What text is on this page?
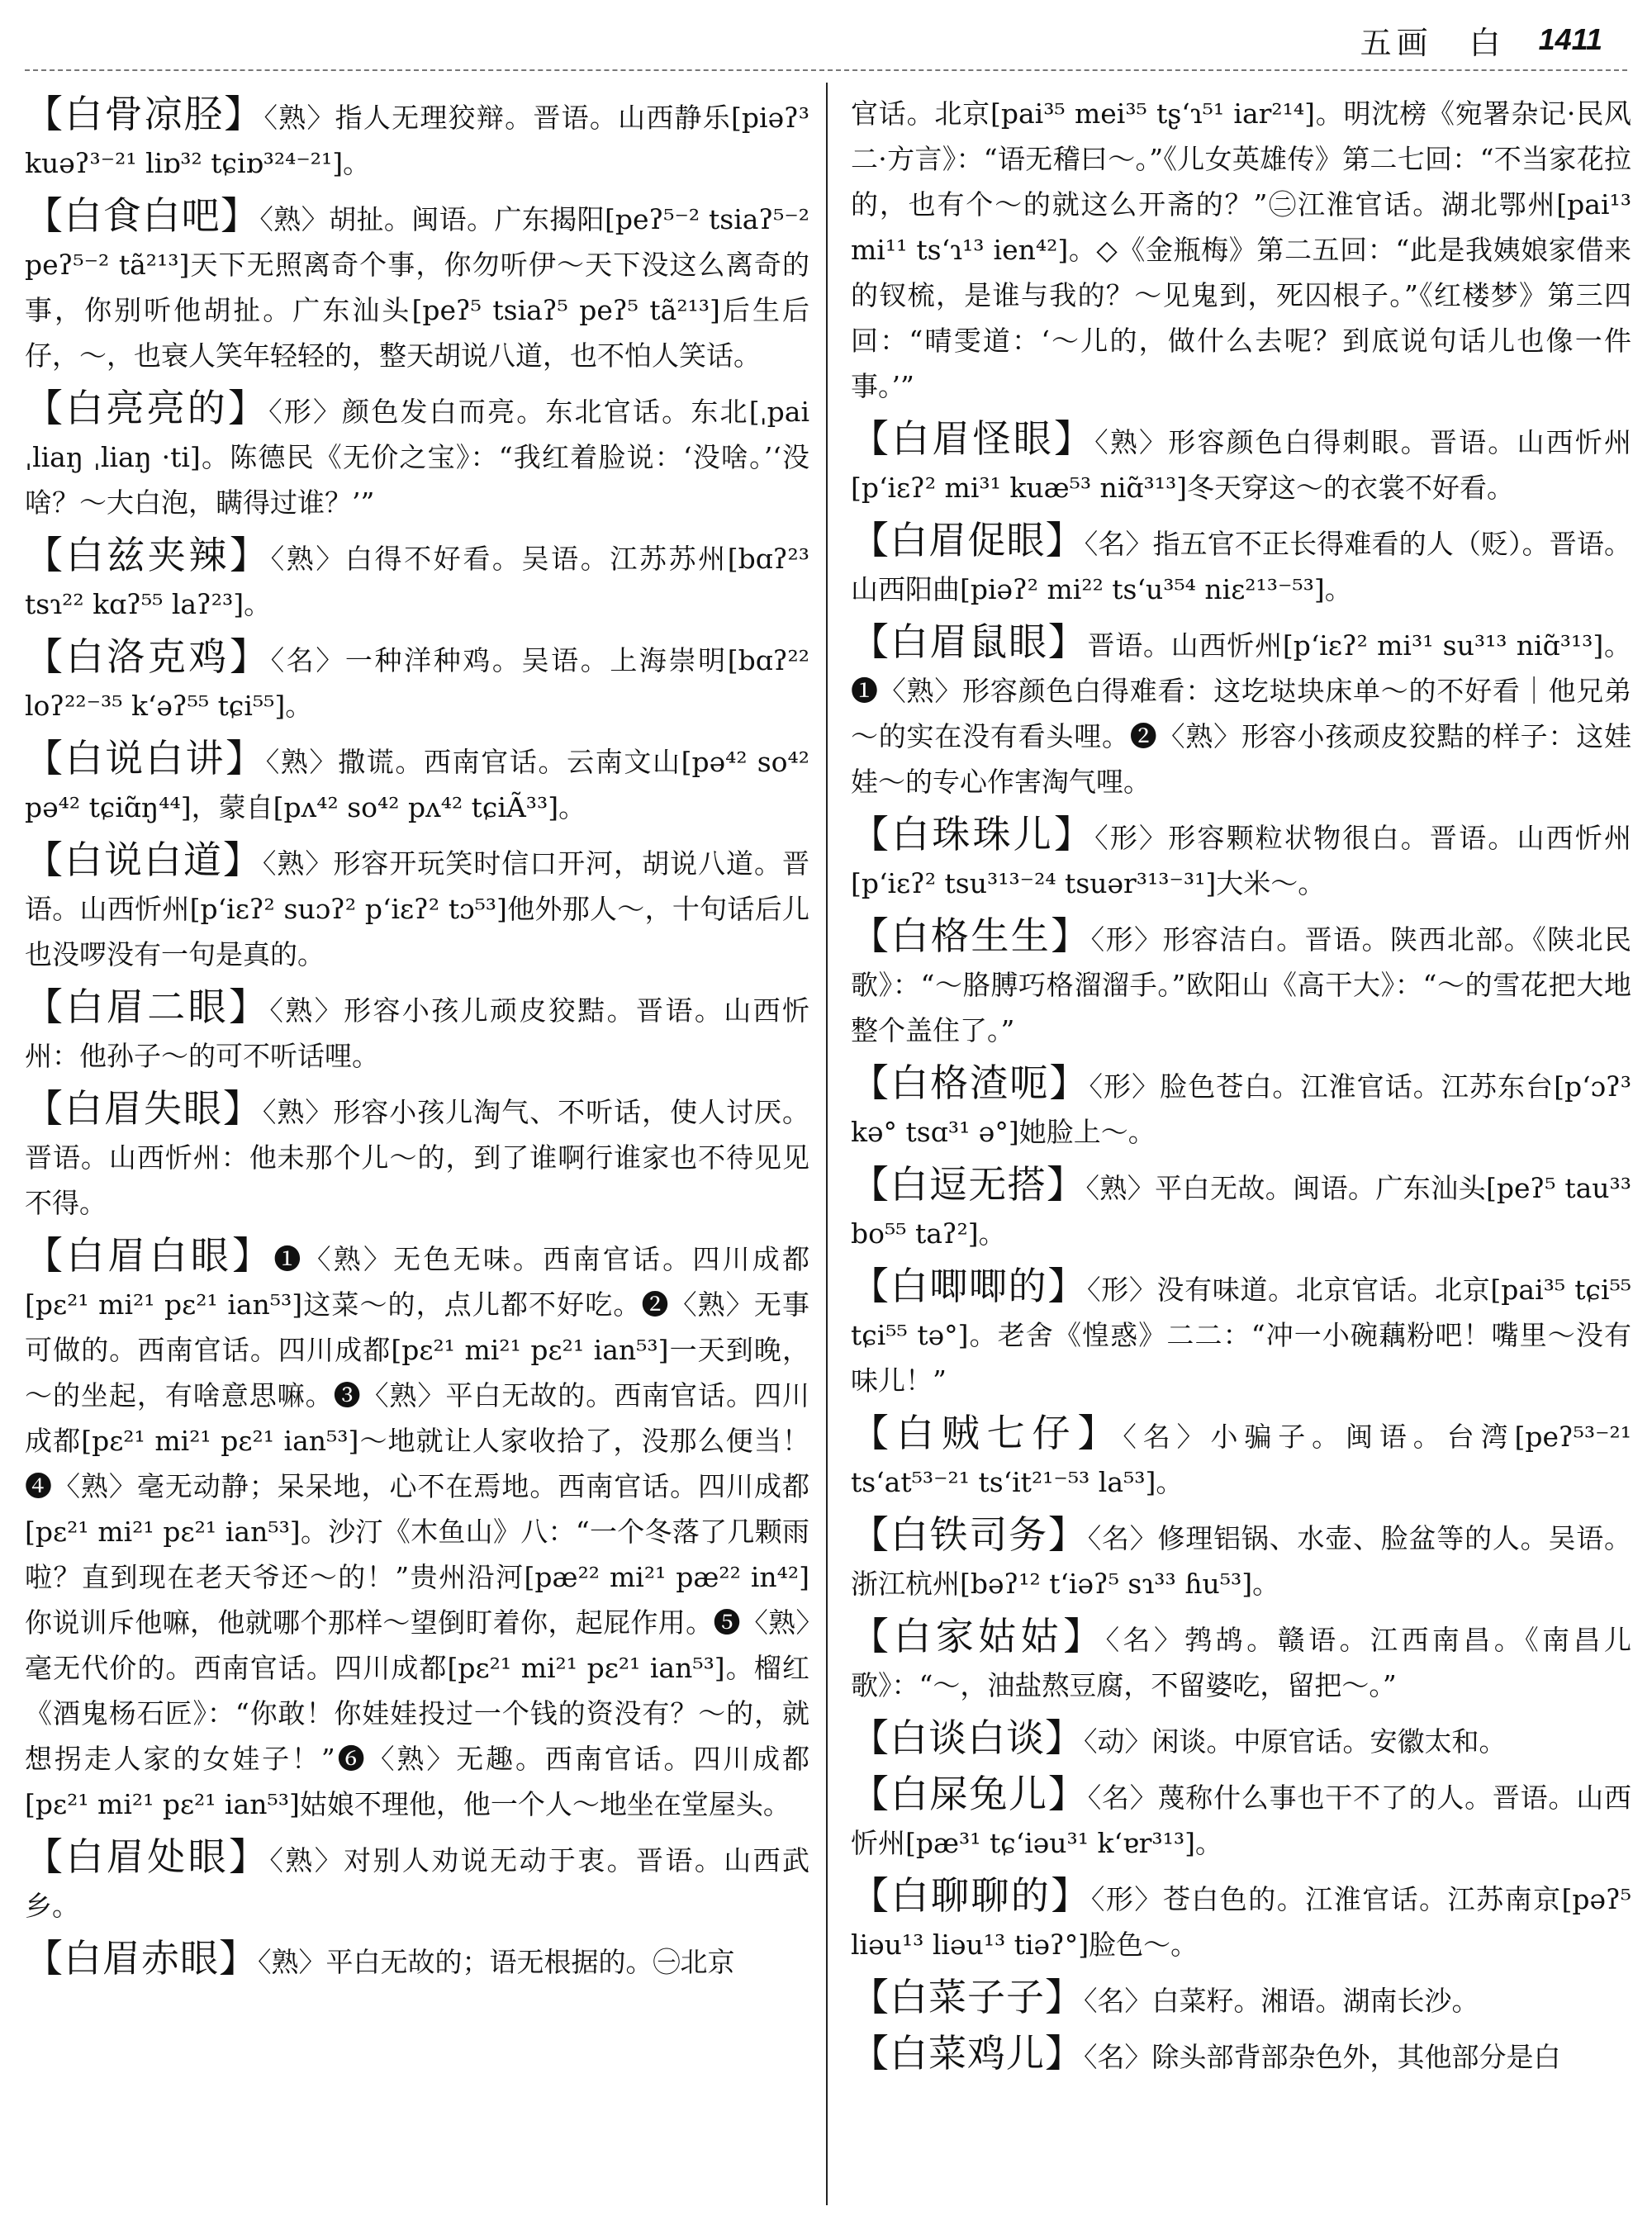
五画　白 1411
【 白骨凉胫 】 〈熟〉指人无理狡辩。晋语。山西静乐[piəʔ³ kuəʔ³⁻²¹ liɒ³² tɕiɒ³²⁴⁻²¹]。
【 白食白吧 】 〈熟〉胡扯。闽语。广东揭阳[peʔ⁵⁻² tsiaʔ⁵⁻² peʔ⁵⁻² tã²¹³]天下无照离奇个事，你勿听伊～天下没这么离奇的事，你别听他胡扯。广东汕头[peʔ⁵ tsiaʔ⁵ peʔ⁵ tã²¹³]后生后仔，～，也衰人笑年轻轻的，整天胡说八道，也不怕人笑话。
【 白亮亮的 】 〈形〉颜色发白而亮。东北官话。东北[ˌpai ˌliaŋ ˌliaŋ ·ti]。陈德民《无价之宝》：“我红着脸说：‘没啥。’‘没啥？～大白泡，瞒得过谁？’”
【 白兹夹辣 】 〈熟〉白得不好看。吴语。江苏苏州[bɑʔ²³ tsɿ²² kɑʔ⁵⁵ laʔ²³]。
【 白洛克鸡 】 〈名〉一种洋种鸡。吴语。上海崇明[bɑʔ²² loʔ²²⁻³⁵ k‘əʔ⁵⁵ tɕi⁵⁵]。
【 白说白讲 】 〈熟〉撒谎。西南官话。云南文山[pə⁴² so⁴² pə⁴² tɕiɑ̃ŋ⁴⁴]，蒙自[pʌ⁴² so⁴² pʌ⁴² tɕiÃ³³]。
【 白说白道 】 〈熟〉形容开玩笑时信口开河，胡说八道。晋语。山西忻州[p‘iɛʔ² suɔʔ² p‘iɛʔ² tɔ⁵³]他外那人～，十句话后儿也没啰没有一句是真的。
【 白眉二眼 】 〈熟〉形容小孩儿顽皮狡黠。晋语。山西忻州：他孙子～的可不听话哩。
【 白眉失眼 】 〈熟〉形容小孩儿淘气、不听话，使人讨厌。晋语。山西忻州：他未那个儿～的，到了谁啊行谁家也不待见见不得。
【 白眉白眼 】 ❶〈熟〉无色无味。西南官话。四川成都[pɛ²¹ mi²¹ pɛ²¹ ian⁵³]这菜～的，点儿都不好吃。❷〈熟〉无事可做的。西南官话。四川成都[pɛ²¹ mi²¹ pɛ²¹ ian⁵³]一天到晚，～的坐起，有啥意思嘛。❸〈熟〉平白无故的。西南官话。四川成都[pɛ²¹ mi²¹ pɛ²¹ ian⁵³]～地就让人家收拾了，没那么便当！❹〈熟〉毫无动静；呆呆地，心不在焉地。西南官话。四川成都[pɛ²¹ mi²¹ pɛ²¹ ian⁵³]。沙汀《木鱼山》八：“一个冬落了几颗雨啦？直到现在老天爷还～的！”贵州沿河[pæ²² mi²¹ pæ²² in⁴²]你说训斥他嘛，他就哪个那样～望倒盯着你，起屁作用。❺〈熟〉毫无代价的。西南官话。四川成都[pɛ²¹ mi²¹ pɛ²¹ ian⁵³]。榴红《酒鬼杨石匠》：“你敢！你娃娃投过一个钱的资没有？～的，就想拐走人家的女娃子！”❻〈熟〉无趣。西南官话。四川成都[pɛ²¹ mi²¹ pɛ²¹ ian⁵³]姑娘不理他，他一个人～地坐在堂屋头。
【 白眉处眼 】 〈熟〉对别人劝说无动于衷。晋语。山西武乡。
【 白眉赤眼 】 〈熟〉平白无故的；语无根据的。㊀北京
官话。北京[pai³⁵ mei³⁵ tʂ‘ɿ⁵¹ iar²¹⁴]。明沈榜《宛署杂记·民风二·方言》：“语无稽曰～。”《儿女英雄传》第二七回：“不当家花拉的，也有个～的就这么开斋的？”㊁江淮官话。湖北鄂州[pai¹³ mi¹¹ ts‘ɿ¹³ ien⁴²]。◇《金瓶梅》第二五回：“此是我姨娘家借来的钗梳，是谁与我的？～见鬼到，死囚根子。”《红楼梦》第三四回：“晴雯道：‘～儿的，做什么去呢？到底说句话儿也像一件事。’”
【 白眉怪眼 】 〈熟〉形容颜色白得刺眼。晋语。山西忻州[p‘iɛʔ² mi³¹ kuæ⁵³ niɑ̃³¹³]冬天穿这～的衣裳不好看。
【 白眉促眼 】 〈名〉指五官不正长得难看的人（贬）。晋语。山西阳曲[piəʔ² mi²² ts‘u³⁵⁴ niɛ²¹³⁻⁵³]。
【 白眉鼠眼 】 晋语。山西忻州[p‘iɛʔ² mi³¹ su³¹³ niɑ̃³¹³]。❶〈熟〉形容颜色白得难看：这圪垯块床单～的不好看｜他兄弟～的实在没有看头哩。❷〈熟〉形容小孩顽皮狡黠的样子：这娃娃～的专心作害淘气哩。
【 白珠珠儿 】 〈形〉形容颗粒状物很白。晋语。山西忻州[p‘iɛʔ² tsu³¹³⁻²⁴ tsuər³¹³⁻³¹]大米～。
【 白格生生 】 〈形〉形容洁白。晋语。陕西北部。《陕北民歌》：“～胳膊巧格溜溜手。”欧阳山《高干大》：“～的雪花把大地整个盖住了。”
【 白格渣呃 】 〈形〉脸色苍白。江淮官话。江苏东台[p‘ɔʔ³ kə° tsɑ³¹ ə°]她脸上～。
【 白逗无搭 】 〈熟〉平白无故。闽语。广东汕头[peʔ⁵ tau³³ bo⁵⁵ taʔ²]。
【 白唧唧的 】 〈形〉没有味道。北京官话。北京[pai³⁵ tɕi⁵⁵ tɕi⁵⁵ tə°]。老舍《惶惑》二二：“冲一小碗藕粉吧！嘴里～没有味儿！”
【 白贼七仔 】 〈名〉小骗子。闽语。台湾[peʔ⁵³⁻²¹ ts‘at⁵³⁻²¹ ts‘it²¹⁻⁵³ la⁵³]。
【 白铁司务 】 〈名〉修理铝锅、水壶、脸盆等的人。吴语。浙江杭州[bəʔ¹² t‘iəʔ⁵ sɿ³³ ɦu⁵³]。
【 白家姑姑 】 〈名〉鹁鸪。赣语。江西南昌。《南昌儿歌》：“～，油盐熬豆腐，不留婆吃，留把～。”
【 白谈白谈 】 〈动〉闲谈。中原官话。安徽太和。
【 白屎兔儿 】 〈名〉蔑称什么事也干不了的人。晋语。山西忻州[pæ³¹ tɕ‘iəu³¹ k‘ɐr³¹³]。
【 白聊聊的 】 〈形〉苍白色的。江淮官话。江苏南京[pəʔ⁵ liəu¹³ liəu¹³ tiəʔ°]脸色～。
【 白菜子子 】 〈名〉白菜籽。湘语。湖南长沙。
【 白菜鸡儿 】 〈名〉除头部背部杂色外，其他部分是白
